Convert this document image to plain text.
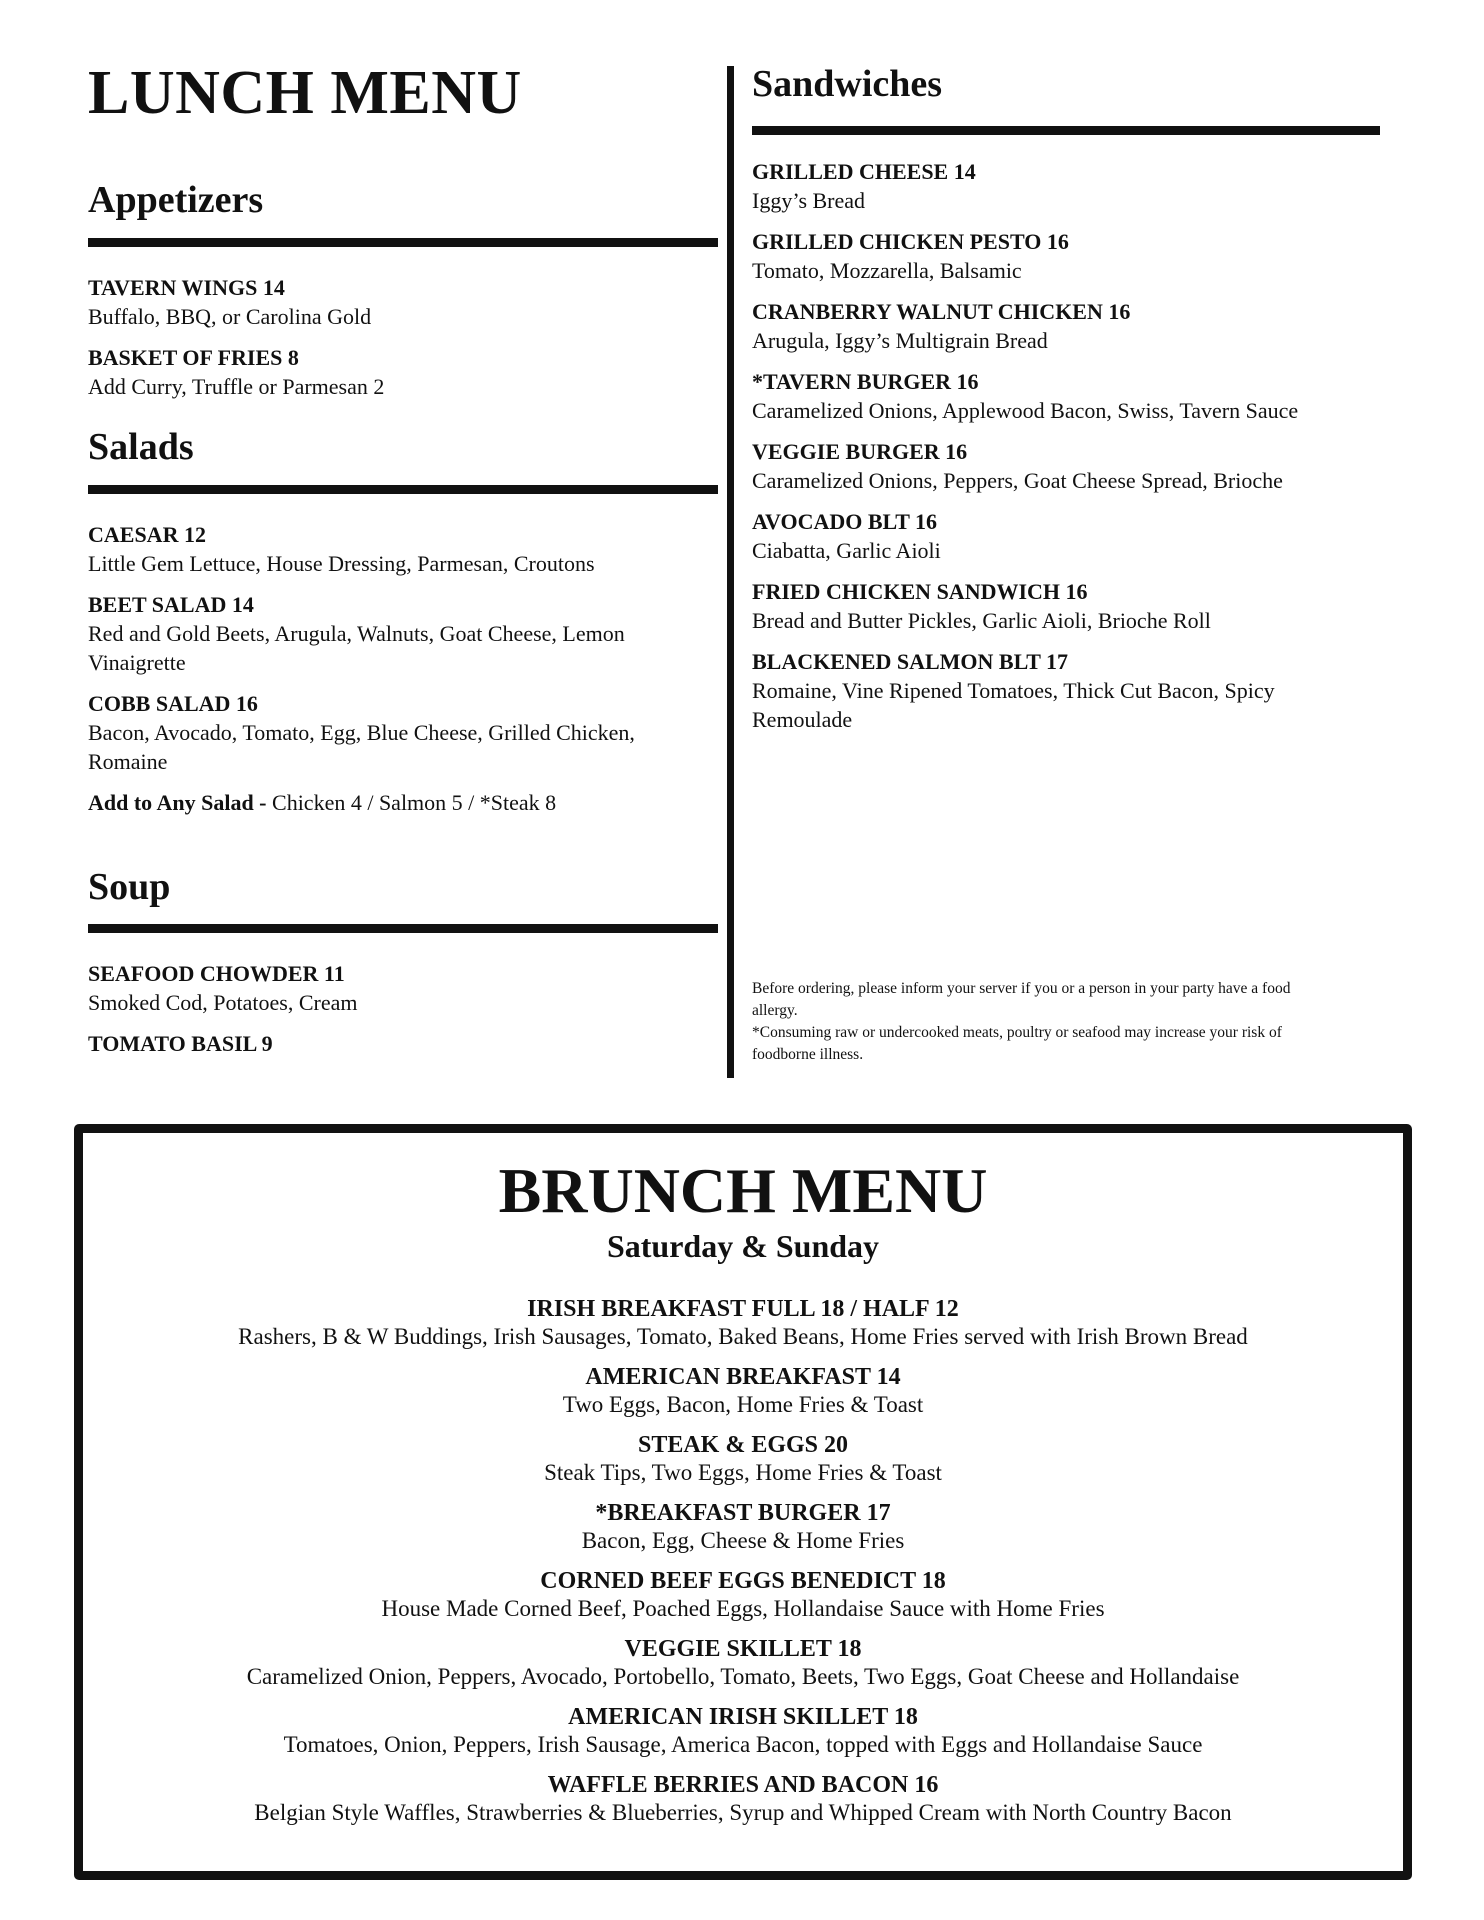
LUNCH MENU
Appetizers
TAVERN WINGS 14
Buffalo, BBQ, or Carolina Gold
BASKET OF FRIES 8
Add Curry, Truffle or Parmesan 2
Salads
CAESAR 12
Little Gem Lettuce, House Dressing, Parmesan, Croutons
BEET SALAD 14
Red and Gold Beets, Arugula, Walnuts, Goat Cheese, Lemon Vinaigrette
COBB SALAD 16
Bacon, Avocado, Tomato, Egg, Blue Cheese, Grilled Chicken, Romaine
Add to Any Salad - Chicken 4 / Salmon 5 / *Steak 8
Soup
SEAFOOD CHOWDER 11
Smoked Cod, Potatoes, Cream
TOMATO BASIL 9
Sandwiches
GRILLED CHEESE 14
Iggy’s Bread
GRILLED CHICKEN PESTO 16
Tomato, Mozzarella, Balsamic
CRANBERRY WALNUT CHICKEN 16
Arugula, Iggy’s Multigrain Bread
*TAVERN BURGER 16
Caramelized Onions, Applewood Bacon, Swiss, Tavern Sauce
VEGGIE BURGER 16
Caramelized Onions, Peppers, Goat Cheese Spread, Brioche
AVOCADO BLT 16
Ciabatta, Garlic Aioli
FRIED CHICKEN SANDWICH 16
Bread and Butter Pickles, Garlic Aioli, Brioche Roll
BLACKENED SALMON BLT 17
Romaine, Vine Ripened Tomatoes, Thick Cut Bacon, Spicy Remoulade
Before ordering, please inform your server if you or a person in your party have a food allergy.
*Consuming raw or undercooked meats, poultry or seafood may increase your risk of foodborne illness.
BRUNCH MENU
Saturday & Sunday
IRISH BREAKFAST FULL 18 / HALF 12
Rashers, B & W Buddings, Irish Sausages, Tomato, Baked Beans, Home Fries served with Irish Brown Bread
AMERICAN BREAKFAST 14
Two Eggs, Bacon, Home Fries & Toast
STEAK & EGGS 20
Steak Tips, Two Eggs, Home Fries & Toast
*BREAKFAST BURGER 17
Bacon, Egg, Cheese & Home Fries
CORNED BEEF EGGS BENEDICT 18
House Made Corned Beef, Poached Eggs, Hollandaise Sauce with Home Fries
VEGGIE SKILLET 18
Caramelized Onion, Peppers, Avocado, Portobello, Tomato, Beets, Two Eggs, Goat Cheese and Hollandaise
AMERICAN IRISH SKILLET 18
Tomatoes, Onion, Peppers, Irish Sausage, America Bacon, topped with Eggs and Hollandaise Sauce
WAFFLE BERRIES AND BACON 16
Belgian Style Waffles, Strawberries & Blueberries, Syrup and Whipped Cream with North Country Bacon
